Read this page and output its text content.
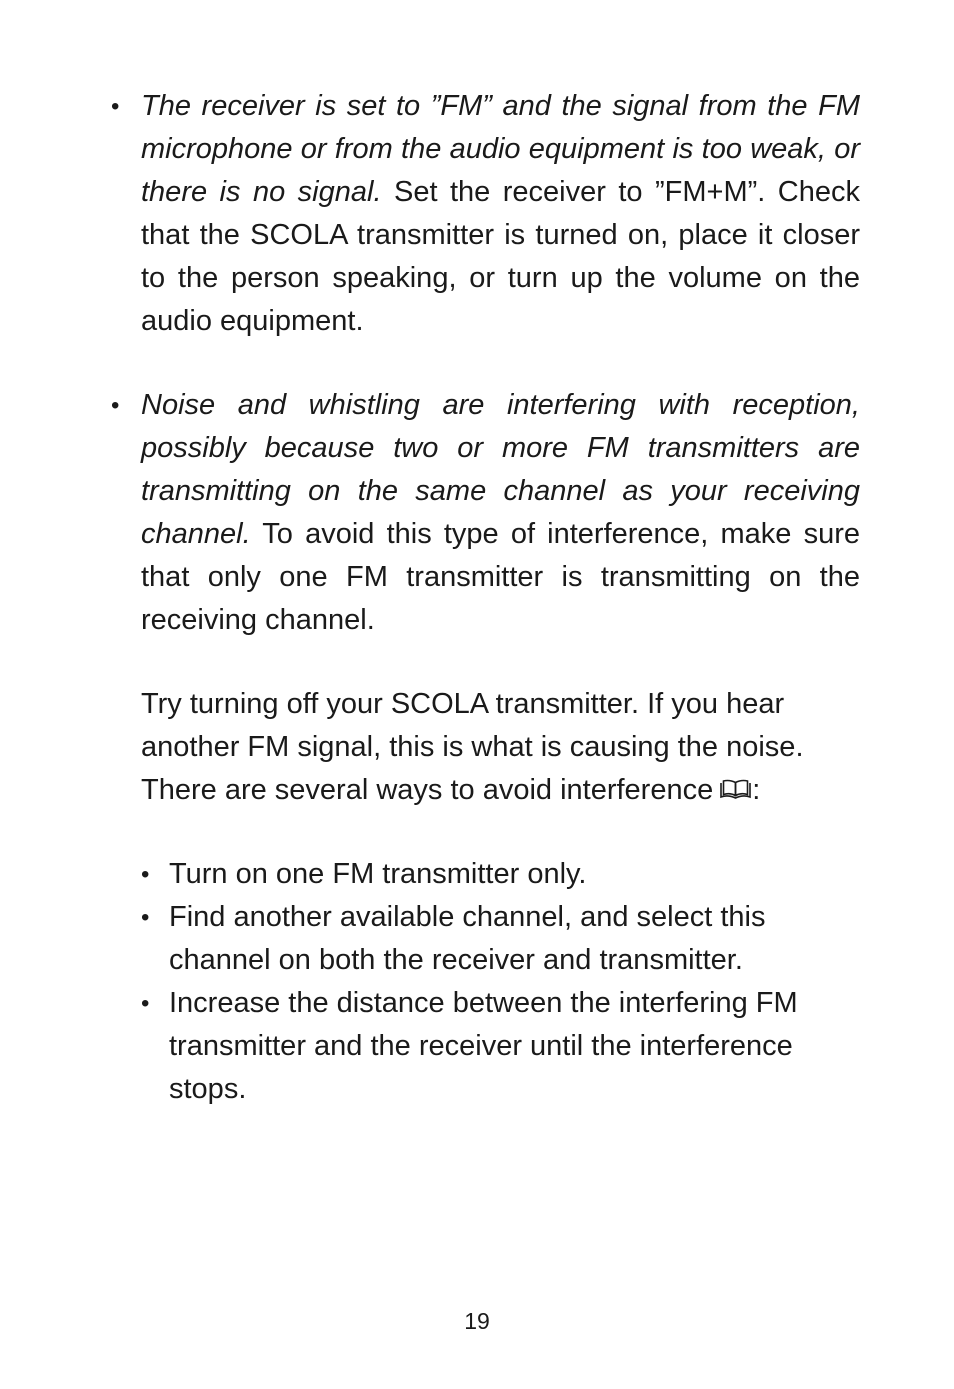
• The receiver is set to ”FM” and the signal from the FM microphone or from the audio equipment is too weak, or there is no signal. Set the receiver to ”FM+M”. Check that the SCOLA transmitter is turned on, place it closer to the person speaking, or turn up the volume on the audio equipment.
• Noise and whistling are interfering with reception, possibly because two or more FM transmitters are transmitting on the same channel as your receiving channel. To avoid this type of interference, make sure that only one FM transmitter is transmitting on the receiving channel.
Try turning off your SCOLA transmitter. If you hear another FM signal, this is what is causing the noise. There are several ways to avoid interference :
• Turn on one FM transmitter only.
• Find another available channel, and select this channel on both the receiver and transmitter.
• Increase the distance between the interfering FM transmitter and the receiver until the interference stops.
19
